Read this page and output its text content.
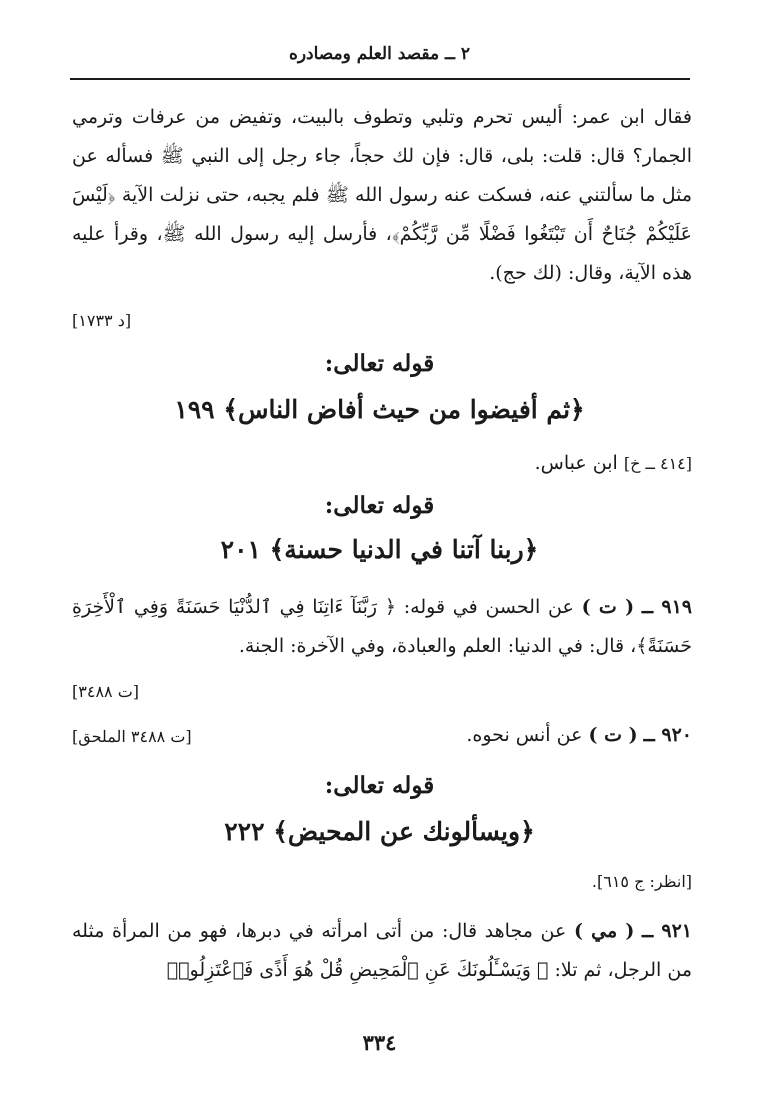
٢ ــ مقصد العلم ومصادره
فقال ابن عمر: أليس تحرم وتلبي وتطوف بالبيت، وتفيض من عرفات وترمي الجمار؟ قال: قلت: بلى، قال: فإن لك حجاً، جاء رجل إلى النبي ﷺ فسأله عن مثل ما سألتني عنه، فسكت عنه رسول الله ﷺ فلم يجبه، حتى نزلت الآية ﴿لَيْسَ عَلَيْكُمْ جُنَاحٌ أَن تَبْتَغُوا فَضْلًا مِّن رَّبِّكُمْ﴾، فأرسل إليه رسول الله ﷺ، وقرأ عليه هذه الآية، وقال: (لك حج).
[د ١٧٣٣]
قوله تعالى:
﴿ثم أفيضوا من حيث أفاض الناس﴾ ١٩٩
[٤١٤ ــ خ] ابن عباس.
قوله تعالى:
﴿ربنا آتنا في الدنيا حسنة﴾ ٢٠١
٩١٩ ــ ( ت ) عن الحسن في قوله: ﴿ رَبَّنَآ ءَاتِنَا فِي ٱلدُّنْيَا حَسَنَةً وَفِي ٱلْأَخِرَةِ حَسَنَةً﴾، قال: في الدنيا: العلم والعبادة، وفي الآخرة: الجنة.
[ت ٣٤٨٨]
٩٢٠ ــ ( ت ) عن أنس نحوه.
[ت ٣٤٨٨ الملحق]
قوله تعالى:
﴿ويسألونك عن المحيض﴾ ٢٢٢
[انظر: ج ٦١٥].
٩٢١ ــ ( مي ) عن مجاهد قال: من أتى امرأته في دبرها، فهو من المرأة مثله من الرجل، ثم تلا: ﴿ وَيَسْـَٔلُونَكَ عَنِ ٱلْمَحِيضِ قُلْ هُوَ أَذًى فَٱعْتَزِلُوا۟
٣٣٤
